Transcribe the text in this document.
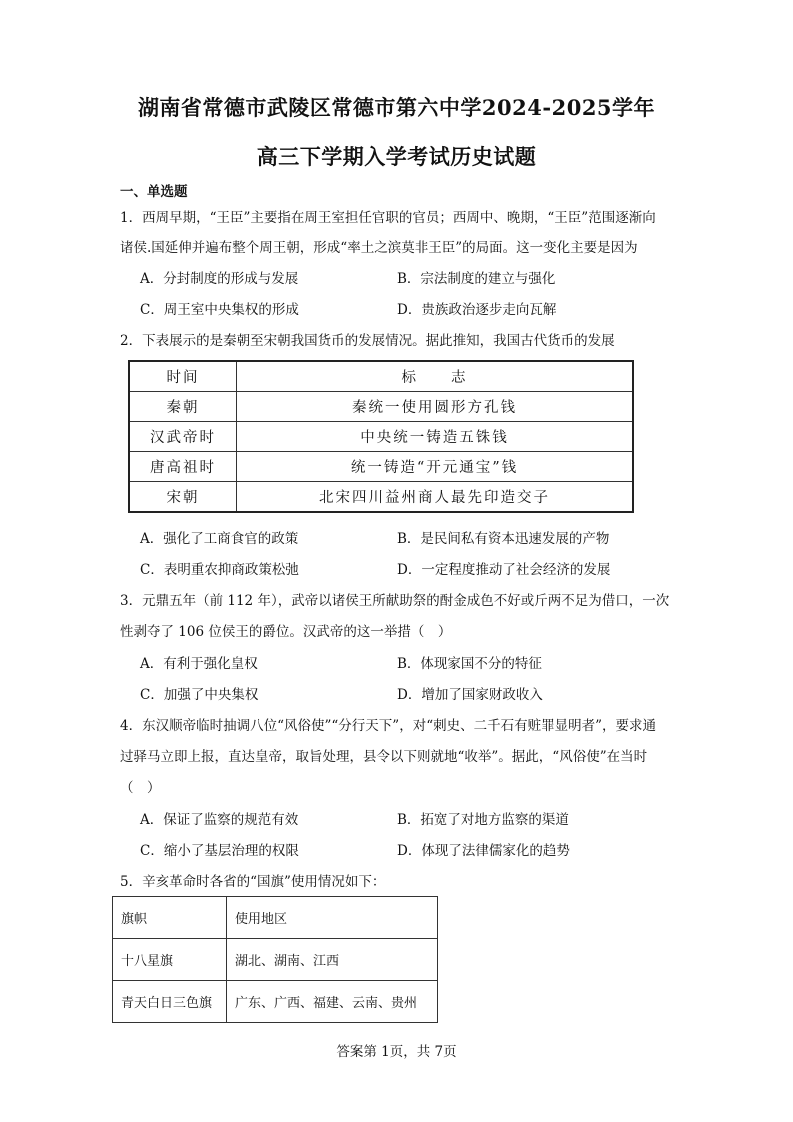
湖南省常德市武陵区常德市第六中学2024-2025学年
高三下学期入学考试历史试题
一、单选题
1．西周早期，“王臣”主要指在周王室担任官职的官员；西周中、晚期，“王臣”范围逐渐向
诸侯.国延伸并遍布整个周王朝，形成“率土之滨莫非王臣”的局面。这一变化主要是因为
A．分封制度的形成与发展	B．宗法制度的建立与强化
C．周王室中央集权的形成	D．贵族政治逐步走向瓦解
2．下表展示的是秦朝至宋朝我国货币的发展情况。据此推知，我国古代货币的发展
时间	标　　志
秦朝	秦统一使用圆形方孔钱
汉武帝时	中央统一铸造五铢钱
唐高祖时	统一铸造“开元通宝”钱
宋朝	北宋四川益州商人最先印造交子
A．强化了工商食官的政策	B．是民间私有资本迅速发展的产物
C．表明重农抑商政策松弛	D．一定程度推动了社会经济的发展
3．元鼎五年（前 112 年），武帝以诸侯王所献助祭的酎金成色不好或斤两不足为借口，一次
性剥夺了 106 位侯王的爵位。汉武帝的这一举措（　）
A．有利于强化皇权	B．体现家国不分的特征
C．加强了中央集权	D．增加了国家财政收入
4．东汉顺帝临时抽调八位“风俗使”“分行天下”，对“刺史、二千石有赃罪显明者”，要求通
过驿马立即上报，直达皇帝，取旨处理，县令以下则就地“收举”。据此，“风俗使”在当时
（　）
A．保证了监察的规范有效	B．拓宽了对地方监察的渠道
C．缩小了基层治理的权限	D．体现了法律儒家化的趋势
5．辛亥革命时各省的“国旗”使用情况如下：
旗帜	使用地区
十八星旗	湖北、湖南、江西
青天白日三色旗	广东、广西、福建、云南、贵州
答案第 1页，共 7页
